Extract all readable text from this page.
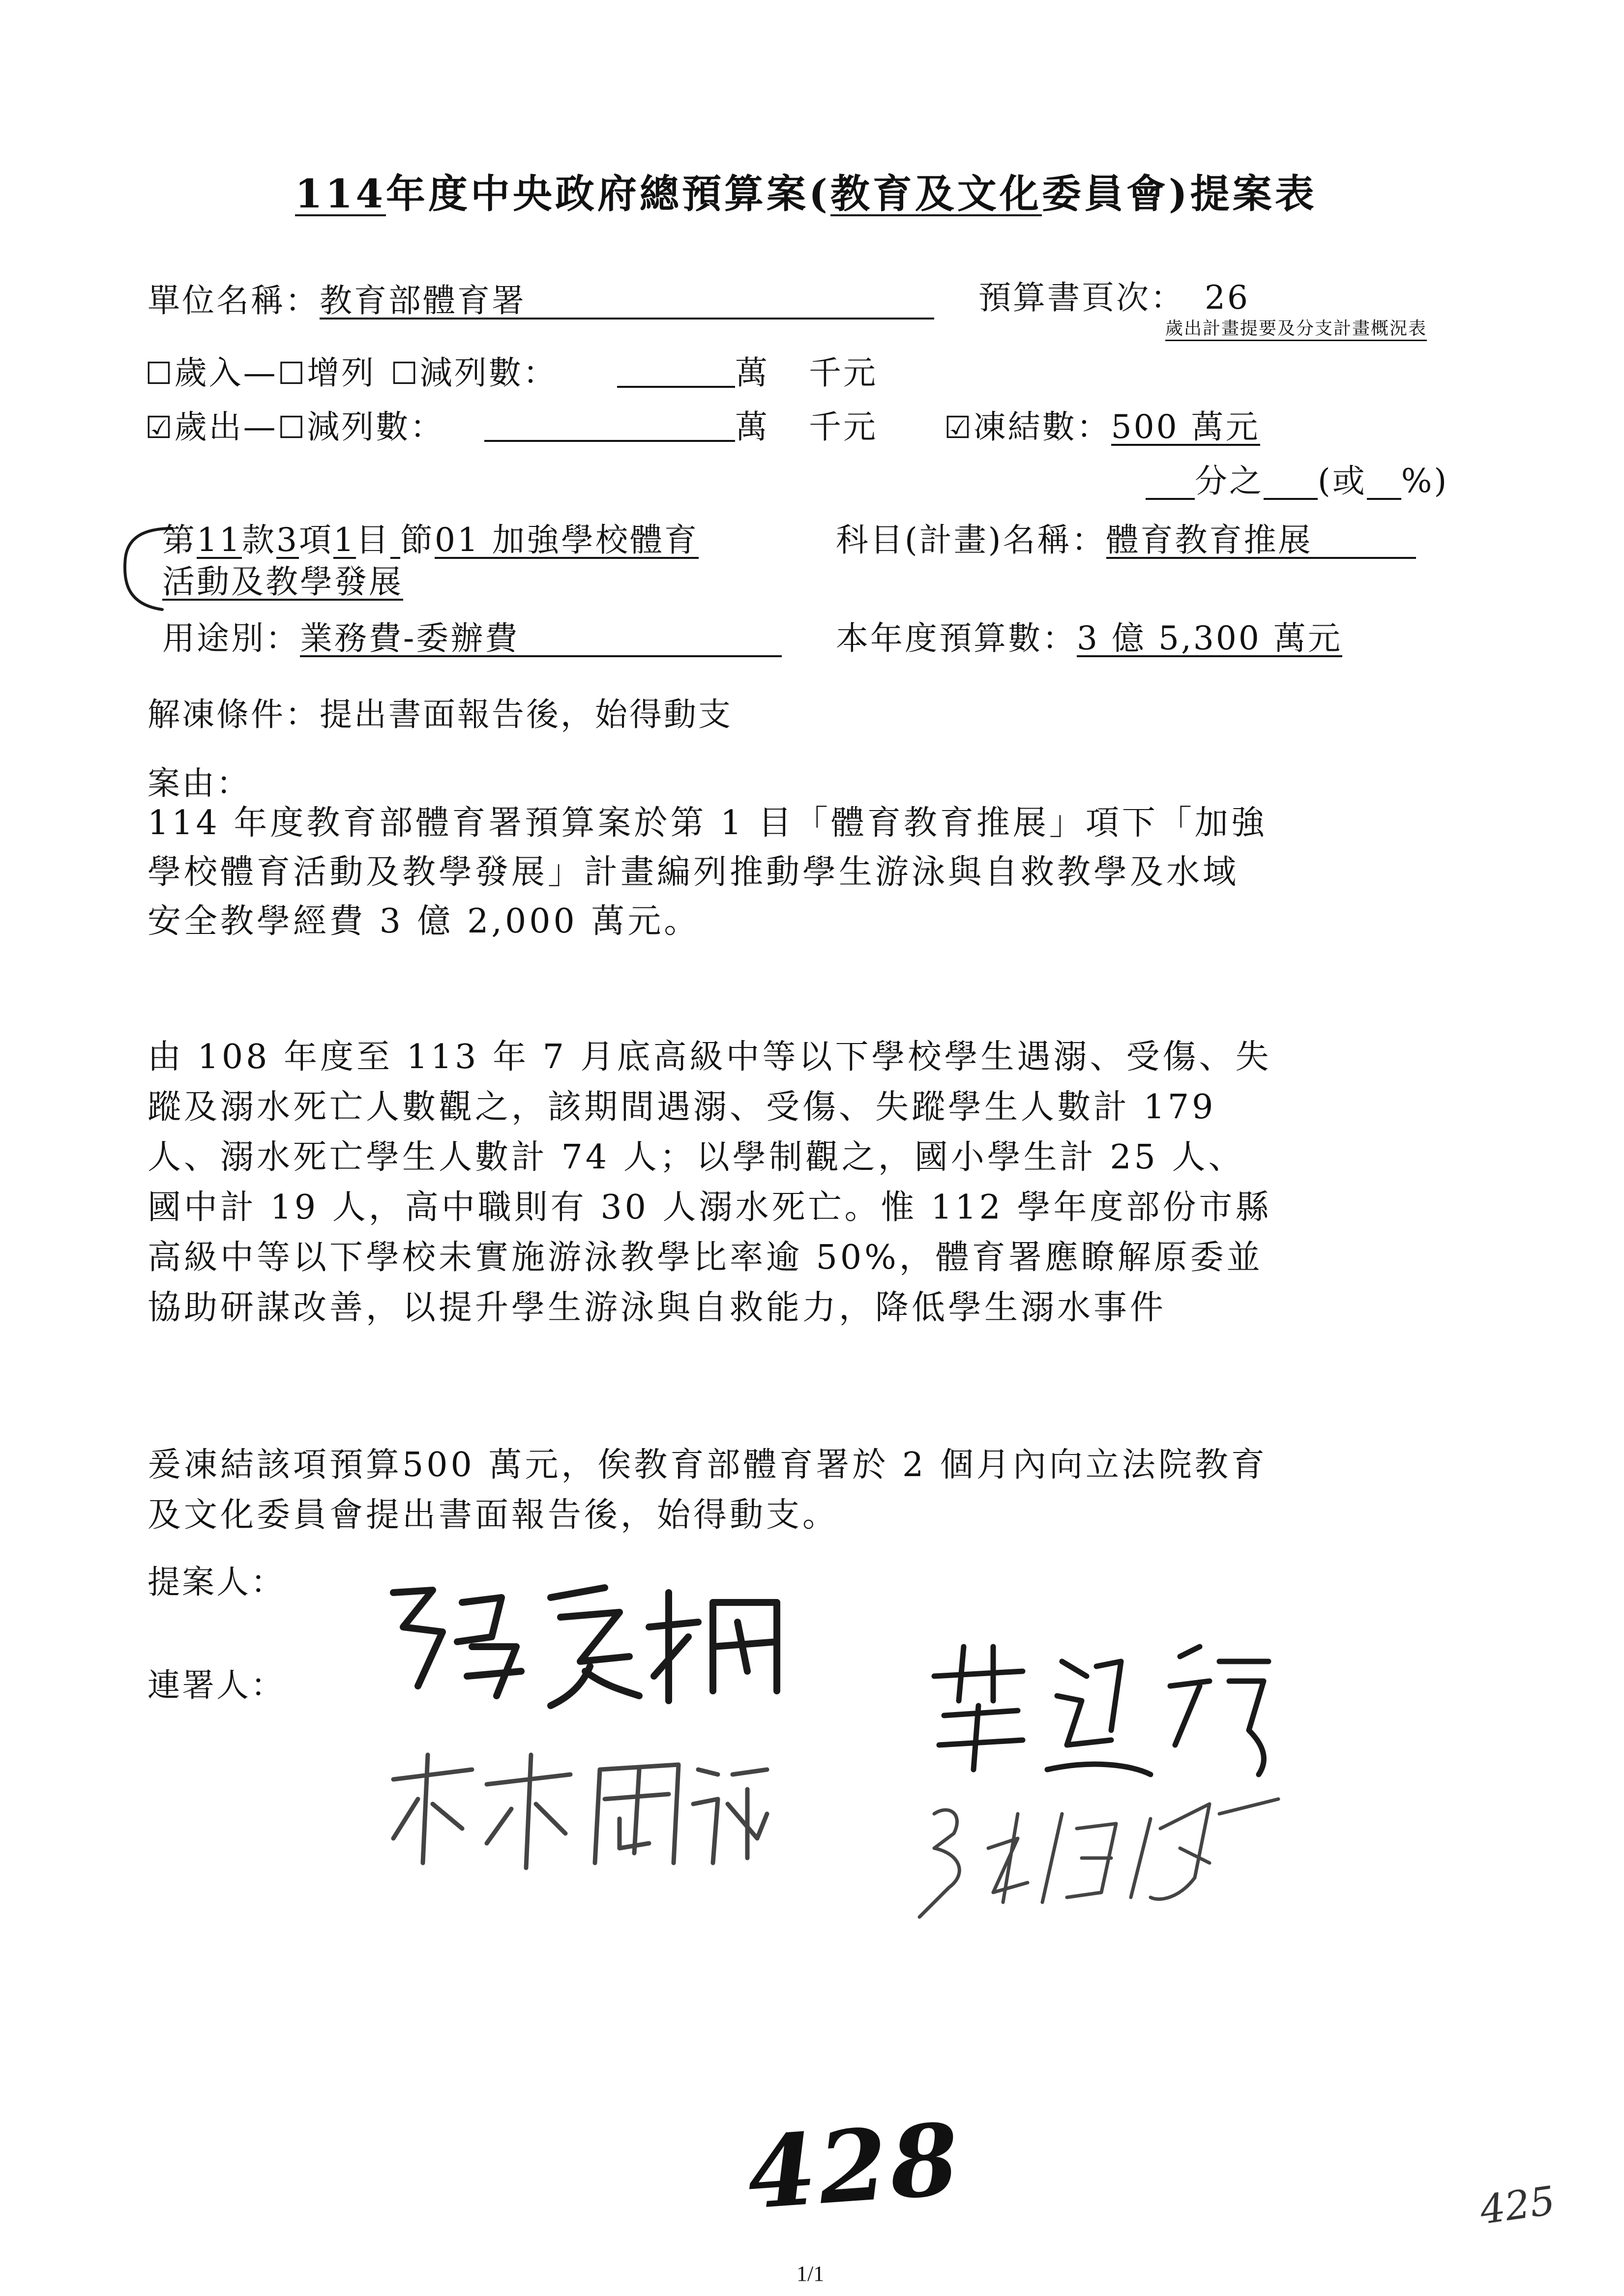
114年度中央政府總預算案(教育及文化委員會)提案表
單位名稱：教育部體育署	預算書頁次： 26
歲出計畫提要及分支計畫概況表
☐歲入—☐增列 ☐減列數：	萬 千元
☑歲出—☐減列數：	萬 千元 ☑凍結數：500 萬元
分之 (或 %)
第11款3項1目 節01 加強學校體育	科目(計畫)名稱：體育教育推展
活動及教學發展
用途別：業務費-委辦費	本年度預算數：3 億 5,300 萬元
解凍條件：提出書面報告後，始得動支
案由：
114 年度教育部體育署預算案於第 1 目「體育教育推展」項下「加強
學校體育活動及教學發展」計畫編列推動學生游泳與自救教學及水域
安全教學經費 3 億 2,000 萬元。
由 108 年度至 113 年 7 月底高級中等以下學校學生遇溺、受傷、失
蹤及溺水死亡人數觀之，該期間遇溺、受傷、失蹤學生人數計 179
人、溺水死亡學生人數計 74 人；以學制觀之，國小學生計 25 人、
國中計 19 人，高中職則有 30 人溺水死亡。惟 112 學年度部份市縣
高級中等以下學校未實施游泳教學比率逾 50%，體育署應瞭解原委並
協助研謀改善，以提升學生游泳與自救能力，降低學生溺水事件
爰凍結該項預算500 萬元，俟教育部體育署於 2 個月內向立法院教育
及文化委員會提出書面報告後，始得動支。
提案人：
連署人：
428	425
1/1
